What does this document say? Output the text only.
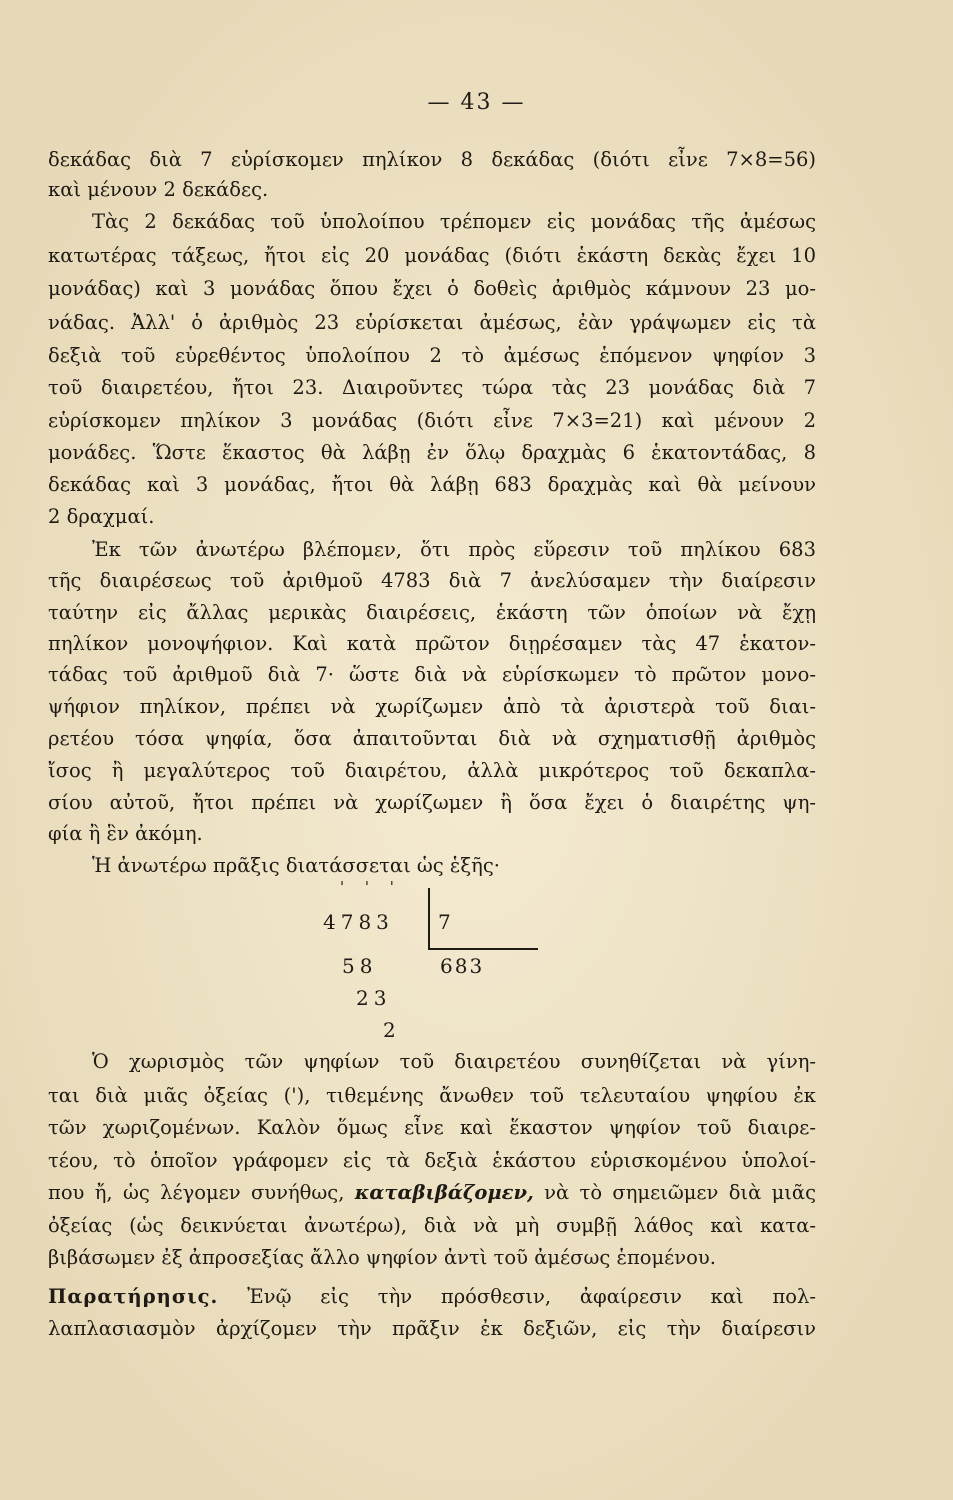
— 43 —
δεκάδας διὰ 7 εὑρίσκομεν πηλίκον 8 δεκάδας (διότι εἶνε 7×8=56)
καὶ μένουν 2 δεκάδες.
Τὰς 2 δεκάδας τοῦ ὑπολοίπου τρέπομεν εἰς μονάδας τῆς ἀμέσως
κατωτέρας τάξεως, ἤτοι εἰς 20 μονάδας (διότι ἑκάστη δεκὰς ἔχει 10
μονάδας) καὶ 3 μονάδας ὅπου ἔχει ὁ δοθεὶς ἀριθμὸς κάμνουν 23 μο-
νάδας. Ἀλλ' ὁ ἀριθμὸς 23 εὑρίσκεται ἀμέσως, ἐὰν γράψωμεν εἰς τὰ
δεξιὰ τοῦ εὑρεθέντος ὑπολοίπου 2 τὸ ἀμέσως ἑπόμενον ψηφίον 3
τοῦ διαιρετέου, ἤτοι 23. Διαιροῦντες τώρα τὰς 23 μονάδας διὰ 7
εὑρίσκομεν πηλίκον 3 μονάδας (διότι εἶνε 7×3=21) καὶ μένουν 2
μονάδες. Ὥστε ἕκαστος θὰ λάβῃ ἐν ὅλῳ δραχμὰς 6 ἑκατοντάδας, 8
δεκάδας καὶ 3 μονάδας, ἤτοι θὰ λάβῃ 683 δραχμὰς καὶ θὰ μείνουν
2 δραχμαί.
Ἐκ τῶν ἀνωτέρω βλέπομεν, ὅτι πρὸς εὕρεσιν τοῦ πηλίκου 683
τῆς διαιρέσεως τοῦ ἀριθμοῦ 4783 διὰ 7 ἀνελύσαμεν τὴν διαίρεσιν
ταύτην εἰς ἄλλας μερικὰς διαιρέσεις, ἑκάστη τῶν ὁποίων νὰ ἔχῃ
πηλίκον μονοψήφιον. Καὶ κατὰ πρῶτον διῃρέσαμεν τὰς 47 ἑκατον-
τάδας τοῦ ἀριθμοῦ διὰ 7· ὥστε διὰ νὰ εὑρίσκωμεν τὸ πρῶτον μονο-
ψήφιον πηλίκον, πρέπει νὰ χωρίζωμεν ἀπὸ τὰ ἀριστερὰ τοῦ διαι-
ρετέου τόσα ψηφία, ὅσα ἀπαιτοῦνται διὰ νὰ σχηματισθῇ ἀριθμὸς
ἴσος ἢ μεγαλύτερος τοῦ διαιρέτου, ἀλλὰ μικρότερος τοῦ δεκαπλα-
σίου αὐτοῦ, ἤτοι πρέπει νὰ χωρίζωμεν ἢ ὅσα ἔχει ὁ διαιρέτης ψη-
φία ἢ ἓν ἀκόμη.
Ἡ ἀνωτέρω πρᾶξις διατάσσεται ὡς ἑξῆς·
' ' '
4783 7
58	683
23
2
Ὁ χωρισμὸς τῶν ψηφίων τοῦ διαιρετέου συνηθίζεται νὰ γίνη-
ται διὰ μιᾶς ὀξείας ('), τιθεμένης ἄνωθεν τοῦ τελευταίου ψηφίου ἐκ
τῶν χωριζομένων. Καλὸν ὅμως εἶνε καὶ ἕκαστον ψηφίον τοῦ διαιρε-
τέου, τὸ ὁποῖον γράφομεν εἰς τὰ δεξιὰ ἑκάστου εὑρισκομένου ὑπολοί-
που ἤ, ὡς λέγομεν συνήθως, καταβιβάζομεν, νὰ τὸ σημειῶμεν διὰ μιᾶς
ὀξείας (ὡς δεικνύεται ἀνωτέρω), διὰ νὰ μὴ συμβῇ λάθος καὶ κατα-
βιβάσωμεν ἐξ ἀπροσεξίας ἄλλο ψηφίον ἀντὶ τοῦ ἀμέσως ἑπομένου.
Παρατήρησις. Ἐνῷ εἰς τὴν πρόσθεσιν, ἀφαίρεσιν καὶ πολ-
λαπλασιασμὸν ἀρχίζομεν τὴν πρᾶξιν ἐκ δεξιῶν, εἰς τὴν διαίρεσιν
